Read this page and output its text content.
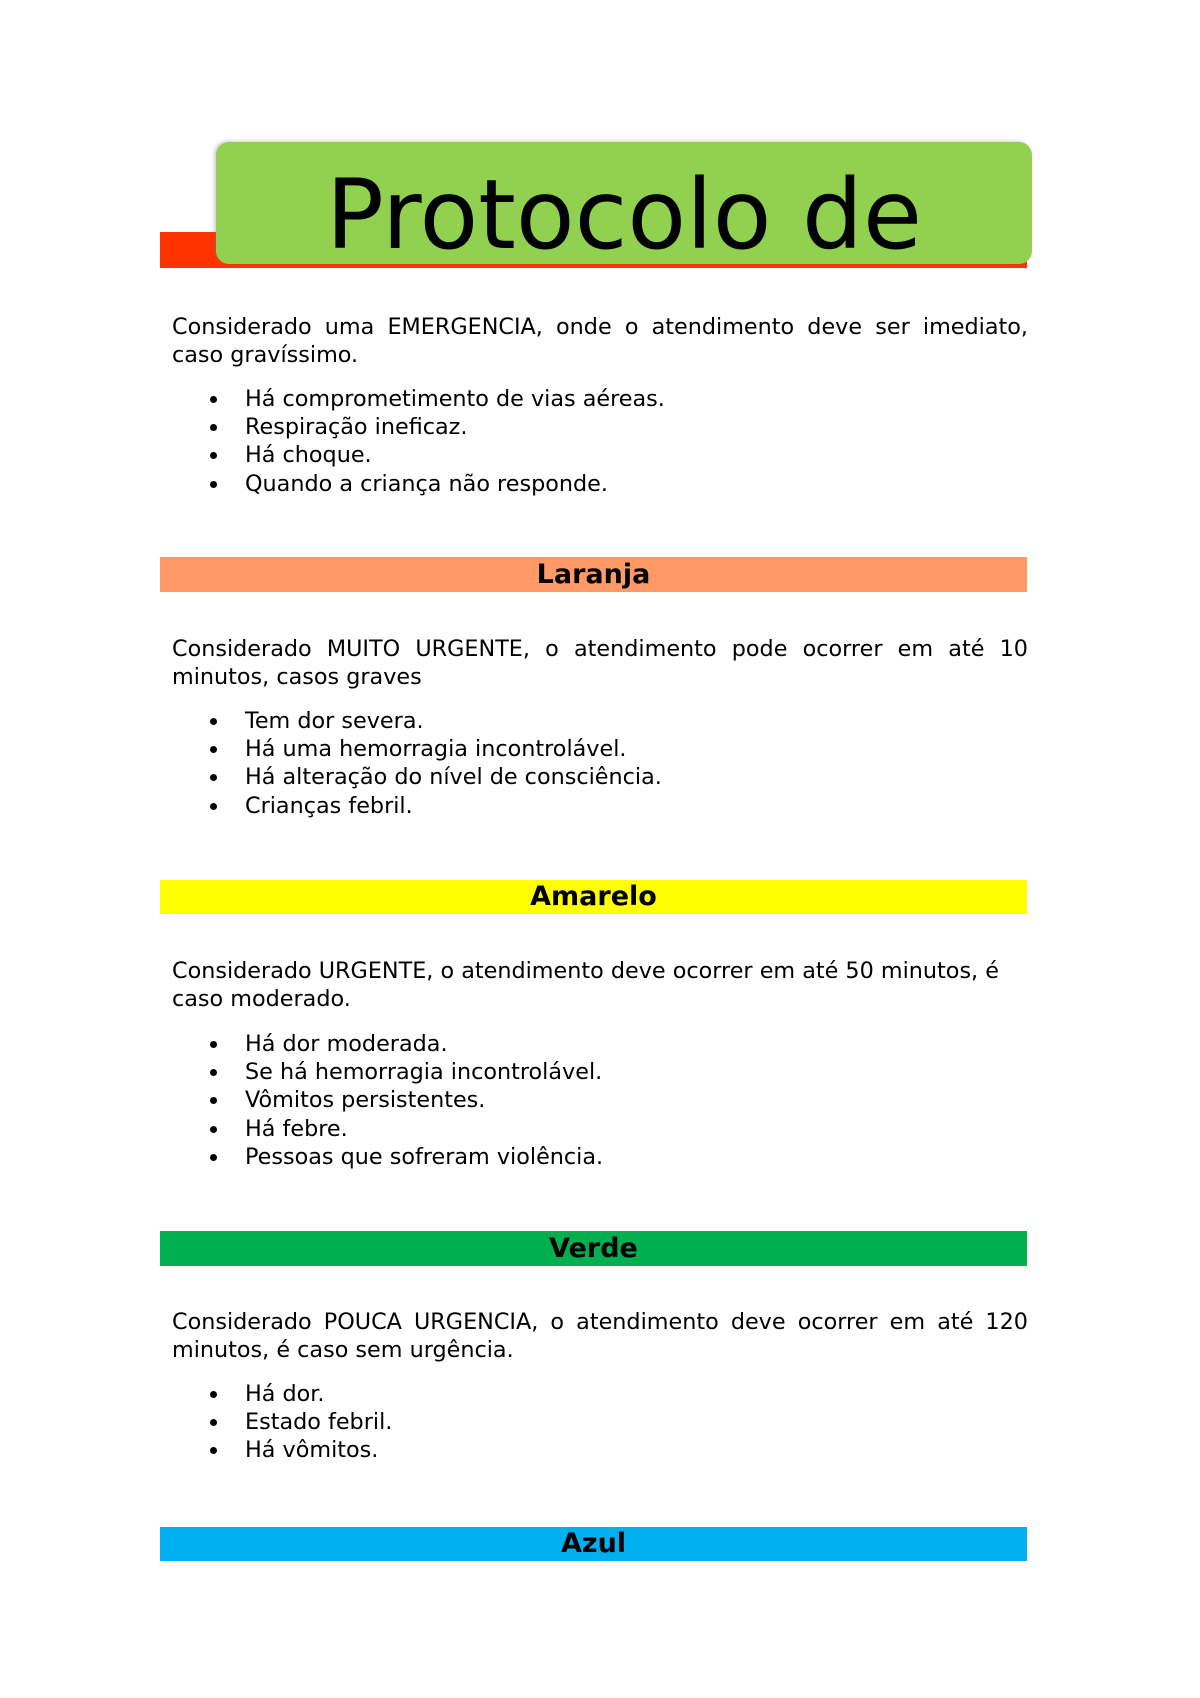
Protocolo de

Considerado uma EMERGENCIA, onde o atendimento deve ser imediato, caso gravíssimo.

Há comprometimento de vias aéreas.
Respiração ineficaz.
Há choque.
Quando a criança não responde.
Laranja

Considerado MUITO URGENTE, o atendimento pode ocorrer em até 10 minutos, casos graves

Tem dor severa.
Há uma hemorragia incontrolável.
Há alteração do nível de consciência.
Crianças febril.
Amarelo

Considerado URGENTE, o atendimento deve ocorrer em até 50 minutos, é caso moderado.

Há dor moderada.
Se há hemorragia incontrolável.
Vômitos persistentes.
Há febre.
Pessoas que sofreram violência.
Verde

Considerado POUCA URGENCIA, o atendimento deve ocorrer em até 120 minutos, é caso sem urgência.

Há dor.
Estado febril.
Há vômitos.
Azul
